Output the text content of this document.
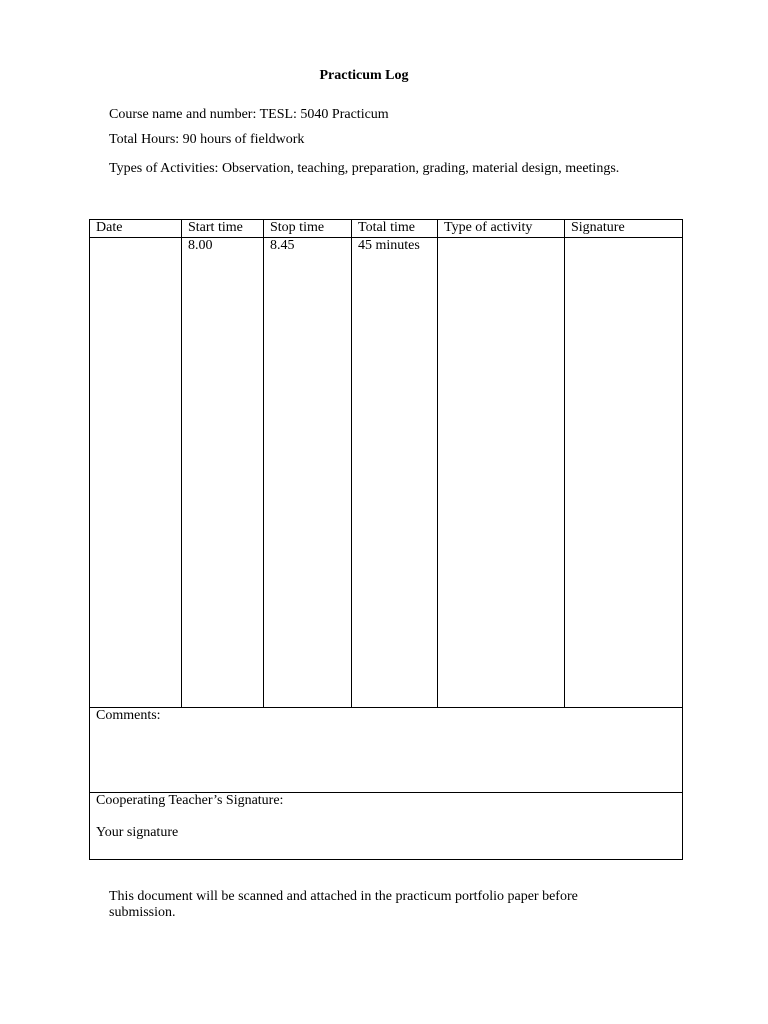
Practicum Log
Course name and number: TESL: 5040 Practicum
Total Hours: 90 hours of fieldwork
Types of Activities: Observation, teaching, preparation, grading, material design, meetings.
Date	Start time	Stop time	Total time	Type of activity	Signature
	8.00	8.45	45 minutes		

Comments:					

Cooperating Teacher’s Signature:
Your signature					
This document will be scanned and attached in the practicum portfolio paper before submission.
